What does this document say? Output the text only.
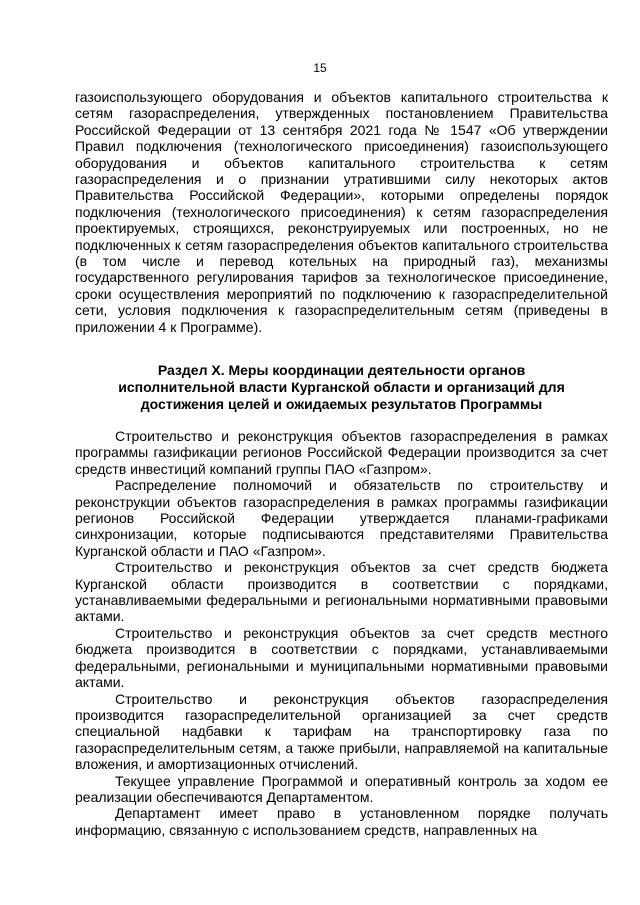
15

газоиспользующего оборудования и объектов капитального строительства к сетям газораспределения, утвержденных постановлением Правительства Российской Федерации от 13 сентября 2021 года № 1547 «Об утверждении Правил подключения (технологического присоединения) газоиспользующего оборудования и объектов капитального строительства к сетям газораспределения и о признании утратившими силу некоторых актов Правительства Российской Федерации», которыми определены порядок подключения (технологического присоединения) к сетям газораспределения проектируемых, строящихся, реконструируемых или построенных, но не подключенных к сетям газораспределения объектов капитального строительства (в том числе и перевод котельных на природный газ), механизмы государственного регулирования тарифов за технологическое присоединение, сроки осуществления мероприятий по подключению к газораспределительной сети, условия подключения к газораспределительным сетям (приведены в приложении 4 к Программе).

Раздел X. Меры координации деятельности органов
исполнительной власти Курганской области и организаций для
достижения целей и ожидаемых результатов Программы

Строительство и реконструкция объектов газораспределения в рамках программы газификации регионов Российской Федерации производится за счет средств инвестиций компаний группы ПАО «Газпром».

Распределение полномочий и обязательств по строительству и реконструкции объектов газораспределения в рамках программы газификации регионов Российской Федерации утверждается планами-графиками синхронизации, которые подписываются представителями Правительства Курганской области и ПАО «Газпром».

Строительство и реконструкция объектов за счет средств бюджета Курганской области производится в соответствии с порядками, устанавливаемыми федеральными и региональными нормативными правовыми актами.

Строительство и реконструкция объектов за счет средств местного бюджета производится в соответствии с порядками, устанавливаемыми федеральными, региональными и муниципальными нормативными правовыми актами.

Строительство и реконструкция объектов газораспределения производится газораспределительной организацией за счет средств специальной надбавки к тарифам на транспортировку газа по газораспределительным сетям, а также прибыли, направляемой на капитальные вложения, и амортизационных отчислений.

Текущее управление Программой и оперативный контроль за ходом ее реализации обеспечиваются Департаментом.

Департамент имеет право в установленном порядке получать информацию, связанную с использованием средств, направленных на
